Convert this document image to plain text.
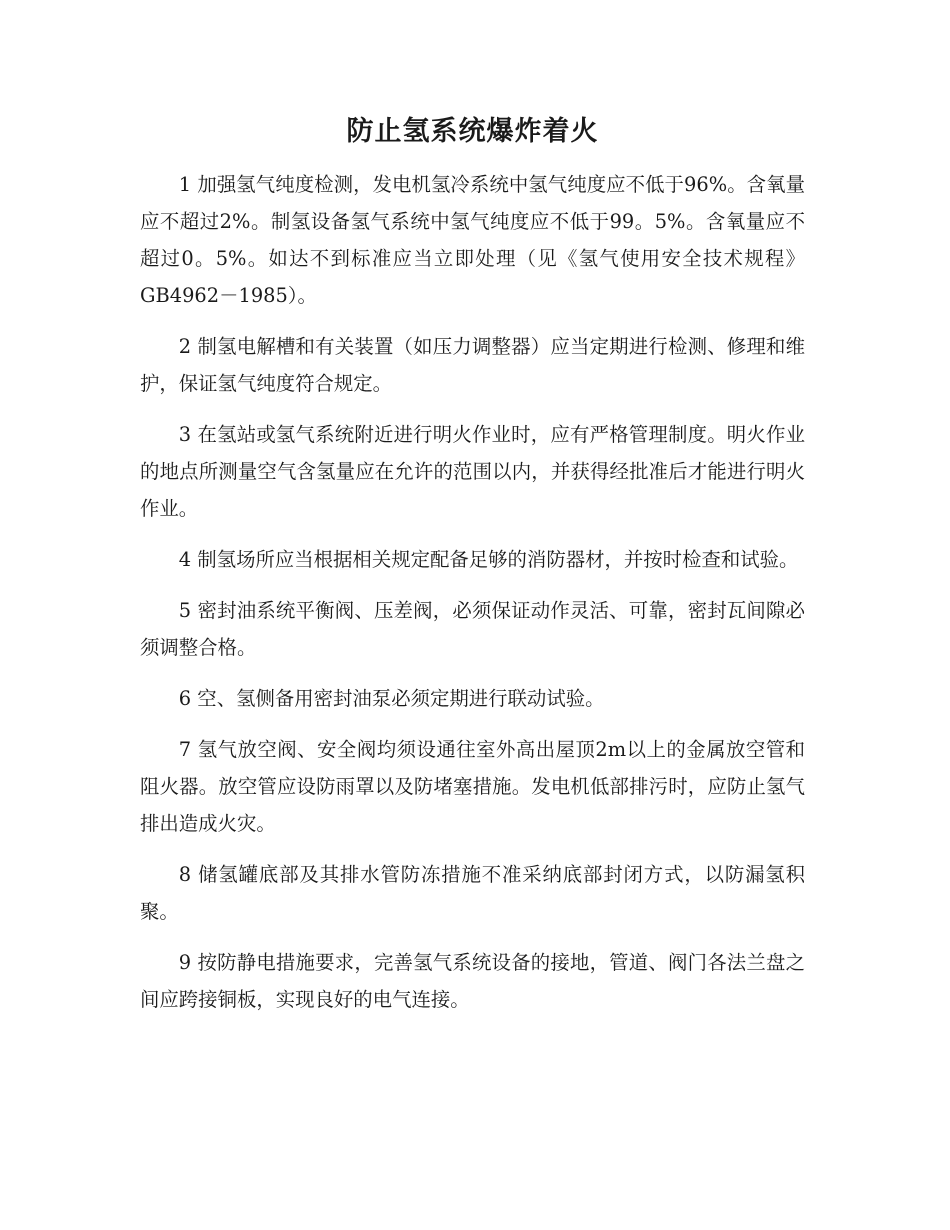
防止氢系统爆炸着火

1 加强氢气纯度检测，发电机氢冷系统中氢气纯度应不低于96%。含氧量应不超过2%。制氢设备氢气系统中氢气纯度应不低于99。5%。含氧量应不超过0。5%。如达不到标准应当立即处理（见《氢气使用安全技术规程》GB4962－1985）。

2 制氢电解槽和有关装置（如压力调整器）应当定期进行检测、修理和维护，保证氢气纯度符合规定。

3 在氢站或氢气系统附近进行明火作业时，应有严格管理制度。明火作业的地点所测量空气含氢量应在允许的范围以内，并获得经批准后才能进行明火作业。

4 制氢场所应当根据相关规定配备足够的消防器材，并按时检查和试验。

5 密封油系统平衡阀、压差阀，必须保证动作灵活、可靠，密封瓦间隙必须调整合格。

6 空、氢侧备用密封油泵必须定期进行联动试验。

7 氢气放空阀、安全阀均须设通往室外高出屋顶2m以上的金属放空管和阻火器。放空管应设防雨罩以及防堵塞措施。发电机低部排污时，应防止氢气排出造成火灾。

8 储氢罐底部及其排水管防冻措施不准采纳底部封闭方式，以防漏氢积聚。

9 按防静电措施要求，完善氢气系统设备的接地，管道、阀门各法兰盘之间应跨接铜板，实现良好的电气连接。
